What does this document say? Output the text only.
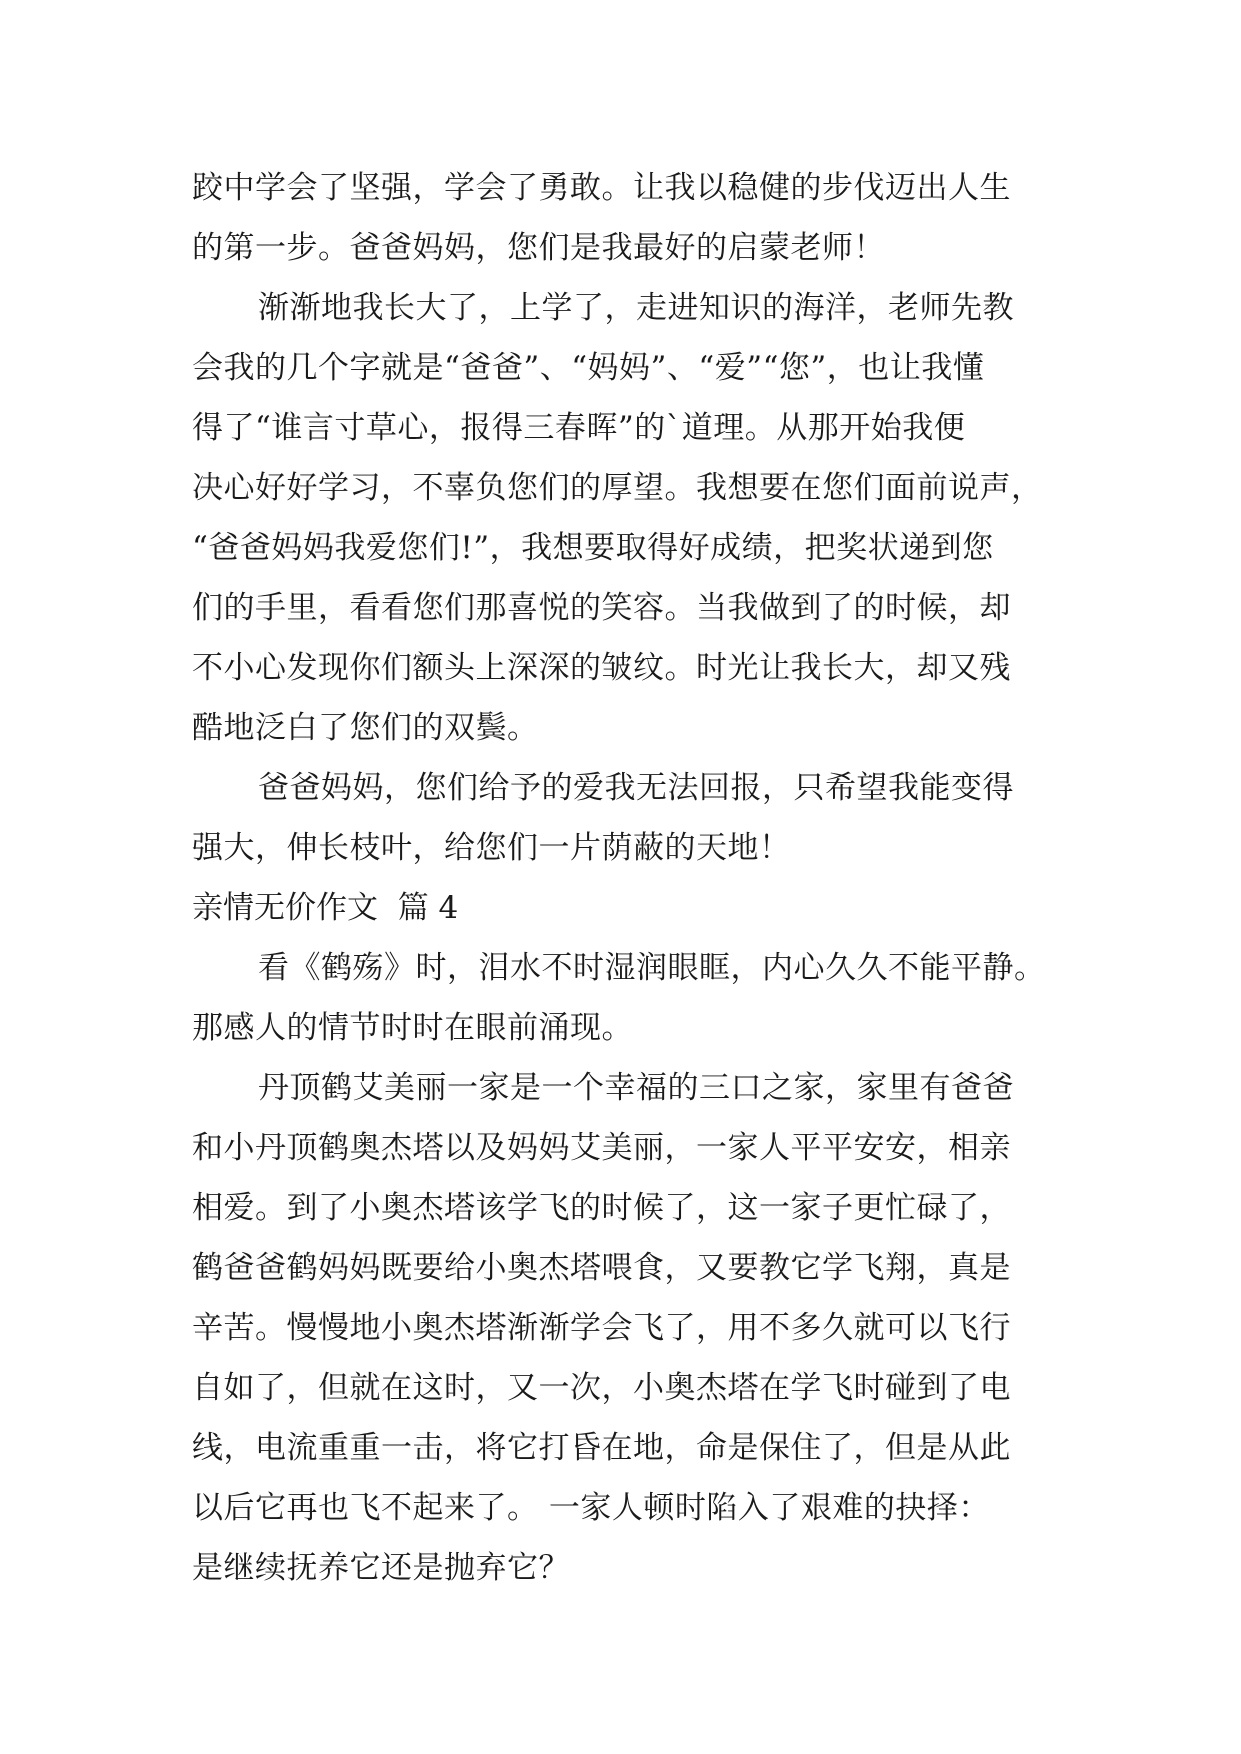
跤中学会了坚强，学会了勇敢。让我以稳健的步伐迈出人生
的第一步。爸爸妈妈，您们是我最好的启蒙老师！
渐渐地我长大了，上学了，走进知识的海洋，老师先教
会我的几个字就是“爸爸”、“妈妈”、“爱”“您”，也让我懂
得了“谁言寸草心，报得三春晖”的`道理。从那开始我便
决心好好学习，不辜负您们的厚望。我想要在您们面前说声，
“爸爸妈妈我爱您们!”，我想要取得好成绩，把奖状递到您
们的手里，看看您们那喜悦的笑容。当我做到了的时候，却
不小心发现你们额头上深深的皱纹。时光让我长大，却又残
酷地泛白了您们的双鬓。
爸爸妈妈，您们给予的爱我无法回报，只希望我能变得
强大，伸长枝叶，给您们一片荫蔽的天地！
亲情无价作文  篇 4
看《鹤殇》时，泪水不时湿润眼眶，内心久久不能平静。
那感人的情节时时在眼前涌现。
丹顶鹤艾美丽一家是一个幸福的三口之家，家里有爸爸
和小丹顶鹤奥杰塔以及妈妈艾美丽，一家人平平安安，相亲
相爱。到了小奥杰塔该学飞的时候了，这一家子更忙碌了，
鹤爸爸鹤妈妈既要给小奥杰塔喂食，又要教它学飞翔，真是
辛苦。慢慢地小奥杰塔渐渐学会飞了，用不多久就可以飞行
自如了，但就在这时，又一次，小奥杰塔在学飞时碰到了电
线，电流重重一击，将它打昏在地，命是保住了，但是从此
以后它再也飞不起来了。 一家人顿时陷入了艰难的抉择：
是继续抚养它还是抛弃它？
